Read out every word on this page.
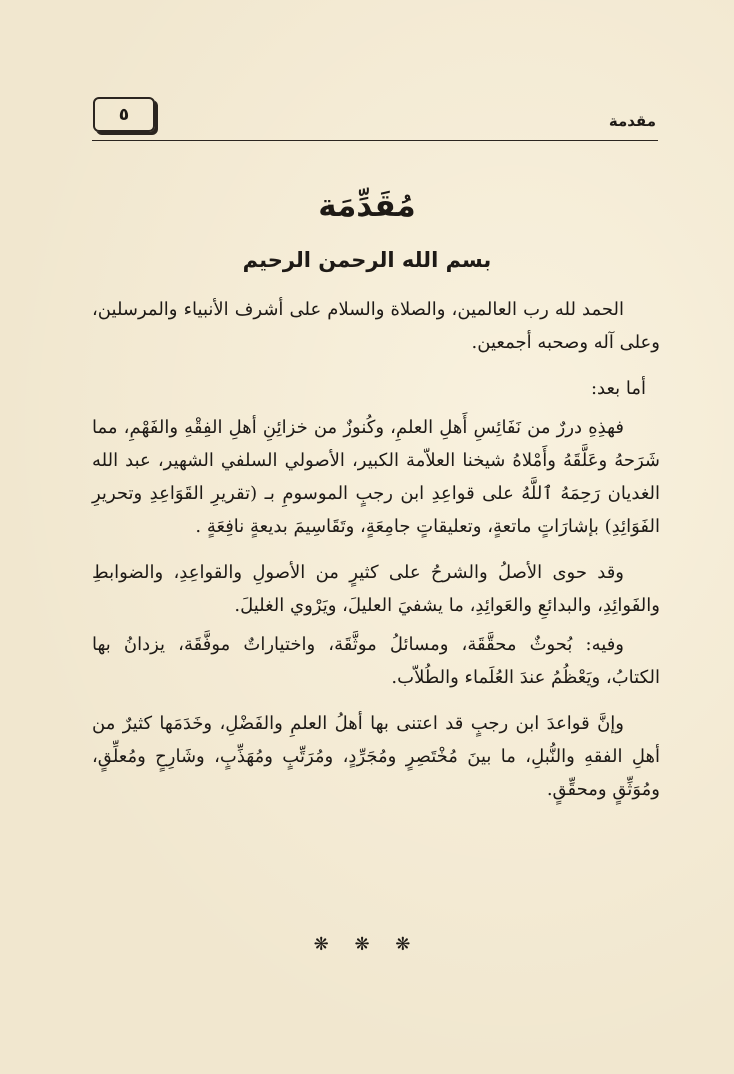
مقدمة
٥
مُقَدِّمَة
بسم الله الرحمن الرحيم

الحمد لله رب العالمين، والصلاة والسلام على أشرف الأنبياء والمرسلين، وعلى آله وصحبه أجمعين.

أما بعد:

فهذِهِ دررٌ من نَفَائِسِ أَهلِ العلمِ، وكُنوزٌ من خزائِنِ أهلِ الفِقْهِ والفَهْمِ، مما شَرَحهُ وعَلَّقَهُ وأَمْلاهُ شيخنا العلاّمة الكبير، الأصولي السلفي الشهير، عبد الله الغديان رَحِمَهُ ٱللَّهُ على قواعِدِ ابن رجبٍ الموسومِ بـ (تقريرِ القَوَاعِدِ وتحريرِ الفَوَائِدِ) بإشارَاتٍ ماتعةٍ، وتعليقاتٍ جامِعَةٍ، وتَقَاسِيمَ بديعةٍ نافِعَةٍ .

وقد حوى الأصلُ والشرحُ على كثيرٍ من الأصولِ والقواعِدِ، والضوابطِ والفَوائِدِ، والبدائعِ والعَوائِدِ، ما يشفيَ العليلَ، ويَرْوي الغليلَ.

وفيه: بُحوثٌ محقَّقَة، ومسائلُ موثَّقَة، واختياراتٌ موفَّقَة، يزدانُ بها الكتابُ، ويَعْظُمُ عندَ العُلَماء والطُلاّب.

وإنَّ قواعدَ ابن رجبٍ قد اعتنى بها أهلُ العلمِ والفَضْلِ، وخَدَمَها كثيرٌ من أهلِ الفقهِ والنُّبلِ، ما بينَ مُخْتَصِرٍ ومُجَرِّدٍ، ومُرَتِّبٍ ومُهَذِّبٍ، وشَارِحٍ ومُعلِّقٍ، ومُوَثِّقٍ ومحقِّقٍ.

❋ ❋ ❋
